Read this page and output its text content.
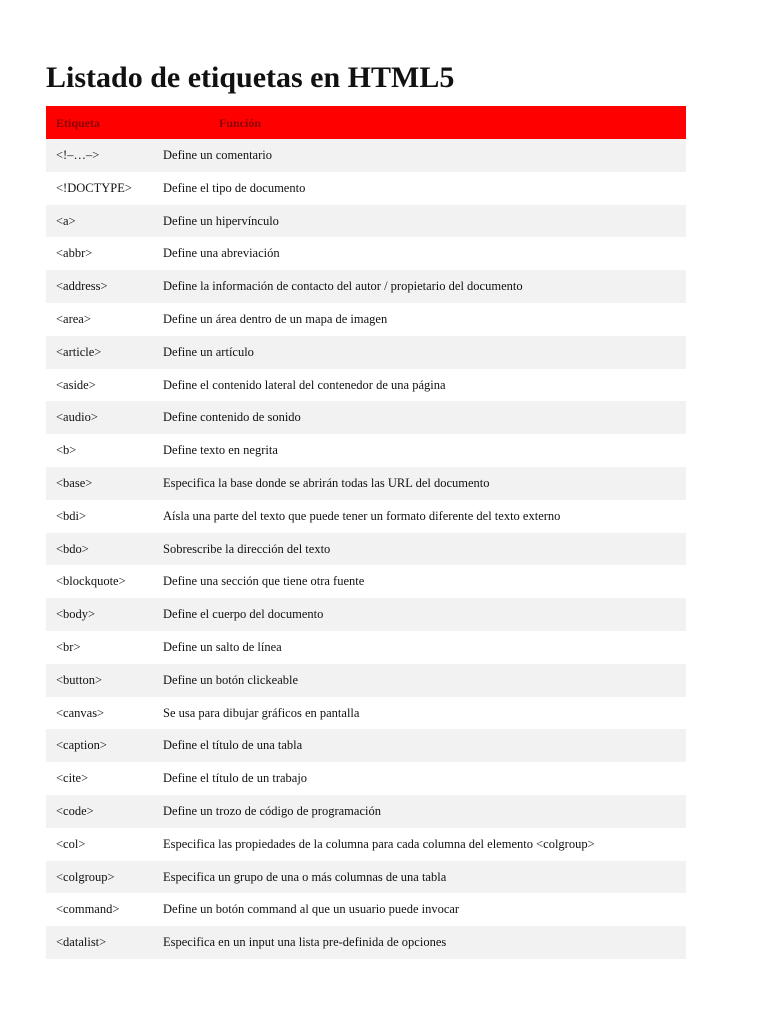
Listado de etiquetas en HTML5
Etiqueta	Función
<!–…–>	Define un comentario
<!DOCTYPE> Define el tipo de documento
<a>	Define un hipervínculo
<abbr>	Define una abreviación
<address>	Define la información de contacto del autor / propietario del documento
<area>	Define un área dentro de un mapa de imagen
<article>	Define un artículo
<aside>	Define el contenido lateral del contenedor de una página
<audio>	Define contenido de sonido
<b>	Define texto en negrita
<base>	Especifica la base donde se abrirán todas las URL del documento
<bdi>	Aísla una parte del texto que puede tener un formato diferente del texto externo
<bdo>	Sobrescribe la dirección del texto
<blockquote>	Define una sección que tiene otra fuente
<body>	Define el cuerpo del documento
<br>	Define un salto de línea
<button>	Define un botón clickeable
<canvas>	Se usa para dibujar gráficos en pantalla
<caption>	Define el título de una tabla
<cite>	Define el título de un trabajo
<code>	Define un trozo de código de programación
<col>	Especifica las propiedades de la columna para cada columna del elemento <colgroup>
<colgroup>	Especifica un grupo de una o más columnas de una tabla
<command>	Define un botón command al que un usuario puede invocar
<datalist>	Especifica en un input una lista pre-definida de opciones
